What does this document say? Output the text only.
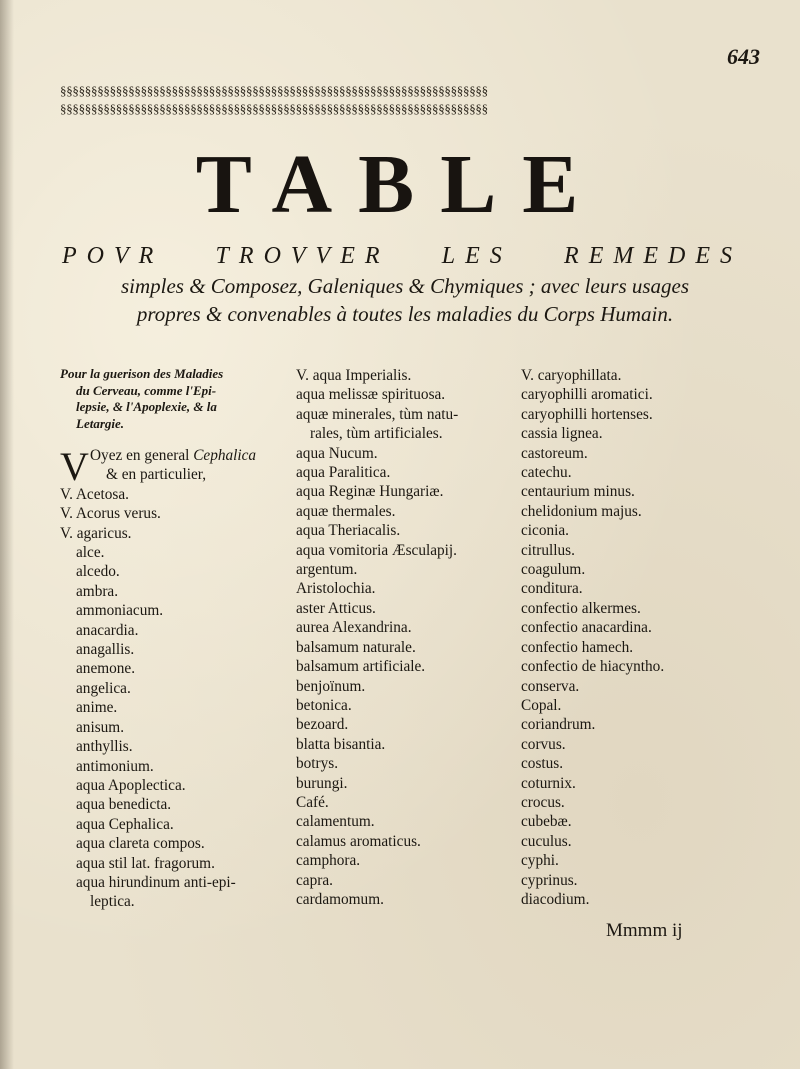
643
§§§§§§§§§§§§§§§§§§§§§§§§§§§§§§§§§§§§§§§§§§§§§§§§§§§§§§§§§§§§§§§§§§§§§
§§§§§§§§§§§§§§§§§§§§§§§§§§§§§§§§§§§§§§§§§§§§§§§§§§§§§§§§§§§§§§§§§§§§§
TABLE
POVR TROVVER LES REMEDES
simples & Composez, Galeniques & Chymiques ; avec leurs usages
propres & convenables à toutes les maladies du Corps Humain.
Pour la guerison des Maladies
du Cerveau, comme l'Epi-
lepsie, & l'Apoplexie, & la
Letargie.
V Oyez en general Cephalica
& en particulier,
V. Acetosa.
V. Acorus verus.
V. agaricus.
alce.
alcedo.
ambra.
ammoniacum.
anacardia.
anagallis.
anemone.
angelica.
anime.
anisum.
anthyllis.
antimonium.
aqua Apoplectica.
aqua benedicta.
aqua Cephalica.
aqua clareta compos.
aqua stil lat. fragorum.
aqua hirundinum anti-epi-
leptica.
V. aqua Imperialis.
aqua melissæ spirituosa.
aquæ minerales, tùm natu-
rales, tùm artificiales.
aqua Nucum.
aqua Paralitica.
aqua Reginæ Hungariæ.
aquæ thermales.
aqua Theriacalis.
aqua vomitoria Æsculapij.
argentum.
Aristolochia.
aster Atticus.
aurea Alexandrina.
balsamum naturale.
balsamum artificiale.
benjoïnum.
betonica.
bezoard.
blatta bisantia.
botrys.
burungi.
Café.
calamentum.
calamus aromaticus.
camphora.
capra.
cardamomum.
V. caryophillata.
caryophilli aromatici.
caryophilli hortenses.
cassia lignea.
castoreum.
catechu.
centaurium minus.
chelidonium majus.
ciconia.
citrullus.
coagulum.
conditura.
confectio alkermes.
confectio anacardina.
confectio hamech.
confectio de hiacyntho.
conserva.
Copal.
coriandrum.
corvus.
costus.
coturnix.
crocus.
cubebæ.
cuculus.
cyphi.
cyprinus.
diacodium.
Mmmm ij
